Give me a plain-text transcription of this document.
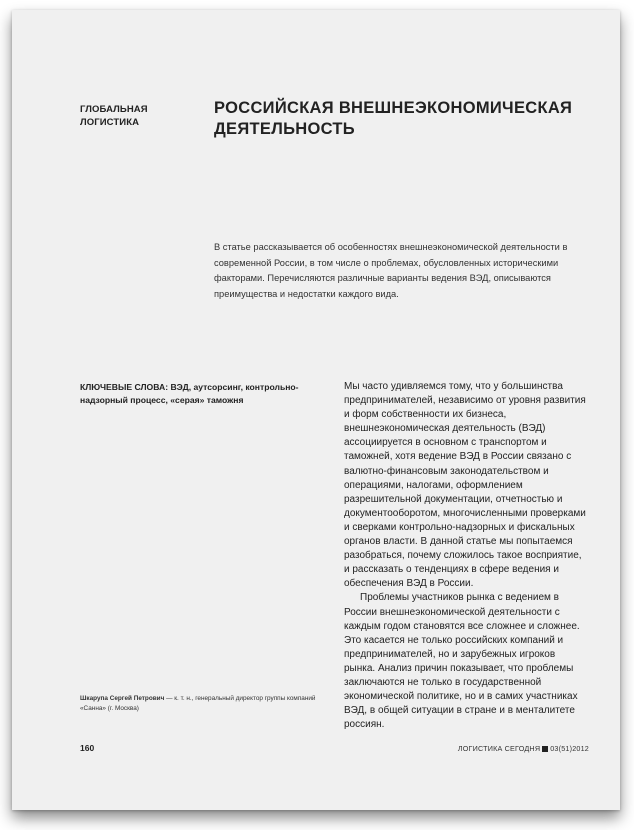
ГЛОБАЛЬНАЯ ЛОГИСТИКА
РОССИЙСКАЯ ВНЕШНЕЭКОНОМИЧЕСКАЯ ДЕЯТЕЛЬНОСТЬ
В статье рассказывается об особенностях внешнеэкономической деятельности в современной России, в том числе о проблемах, обусловленных историческими факторами. Перечисляются различные варианты ведения ВЭД, описываются преимущества и недостатки каждого вида.
КЛЮЧЕВЫЕ СЛОВА: ВЭД, аутсорсинг, контрольно-надзорный процесс, «серая» таможня

Мы часто удивляемся тому, что у большинства предпринимателей, независимо от уровня развития и форм собственности их бизнеса, внешнеэкономическая деятельность (ВЭД) ассоциируется в основном с транспортом и таможней, хотя ведение ВЭД в России связано с валютно-финансовым законодательством и операциями, налогами, оформлением разрешительной документации, отчетностью и документооборотом, многочисленными проверками и сверками контрольно-надзорных и фискальных органов власти. В данной статье мы попытаемся разобраться, почему сложилось такое восприятие, и рассказать о тенденциях в сфере ведения и обеспечения ВЭД в России.

Проблемы участников рынка с ведением в России внешнеэкономической деятельности с каждым годом становятся все сложнее и сложнее. Это касается не только российских компаний и предпринимателей, но и зарубежных игроков рынка. Анализ причин показывает, что проблемы заключаются не только в государственной экономической политике, но и в самих участниках ВЭД, в общей ситуации в стране и в менталитете россиян.

Шкарупа Сергей Петрович — к. т. н., генеральный директор группы компаний «Санна» (г. Москва)
160	ЛОГИСТИКА СЕГОДНЯ 03(51)2012
